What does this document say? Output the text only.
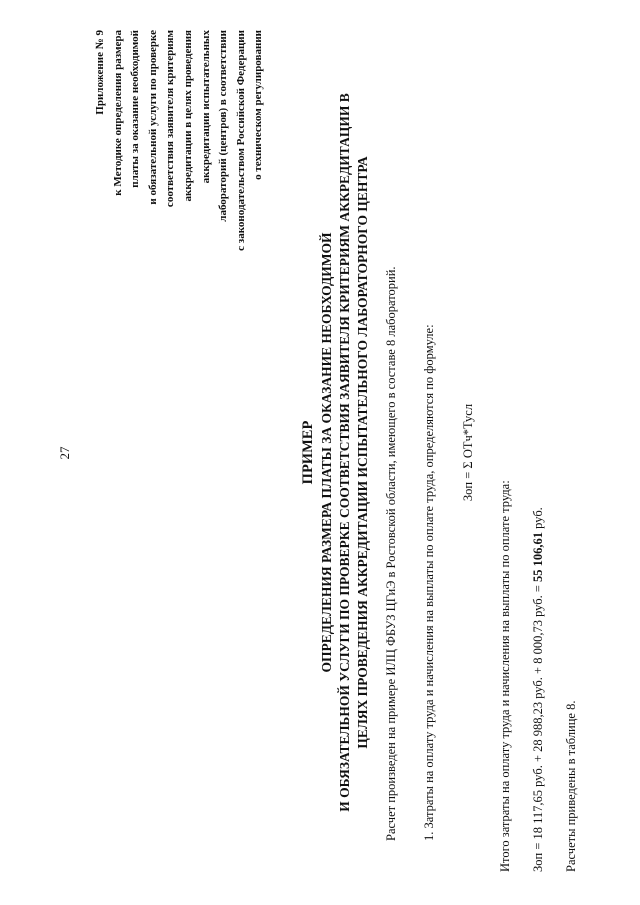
27
Приложение № 9 к Методике определения размера платы за оказание необходимой и обязательной услуги по проверке соответствия заявителя критериям аккредитации в целях проведения аккредитации испытательных лабораторий (центров) в соответствии с законодательством Российской Федерации о техническом регулировании
ПРИМЕР ОПРЕДЕЛЕНИЯ РАЗМЕРА ПЛАТЫ ЗА ОКАЗАНИЕ НЕОБХОДИМОЙ И ОБЯЗАТЕЛЬНОЙ УСЛУГИ ПО ПРОВЕРКЕ СООТВЕТСТВИЯ ЗАЯВИТЕЛЯ КРИТЕРИЯМ АККРЕДИТАЦИИ В ЦЕЛЯХ ПРОВЕДЕНИЯ АККРЕДИТАЦИИ ИСПЫТАТЕЛЬНОГО ЛАБОРАТОРНОГО ЦЕНТРА Расчет произведен на примере ИЛЦ ФБУЗ ЦГиЭ в Ростовской области, имеющего в составе 8 лабораторий. 1. Затраты на оплату труда и начисления на выплаты по оплате труда, определяются по формуле: Зоп = Σ ОТч*Тусл
Итого затраты на оплату труда и начисления на выплаты по оплате труда: Зоп = 18 117,65 руб. + 28 988,23 руб. + 8 000,73 руб. = 55 106,61 руб.
Расчеты приведены в таблице 8.
